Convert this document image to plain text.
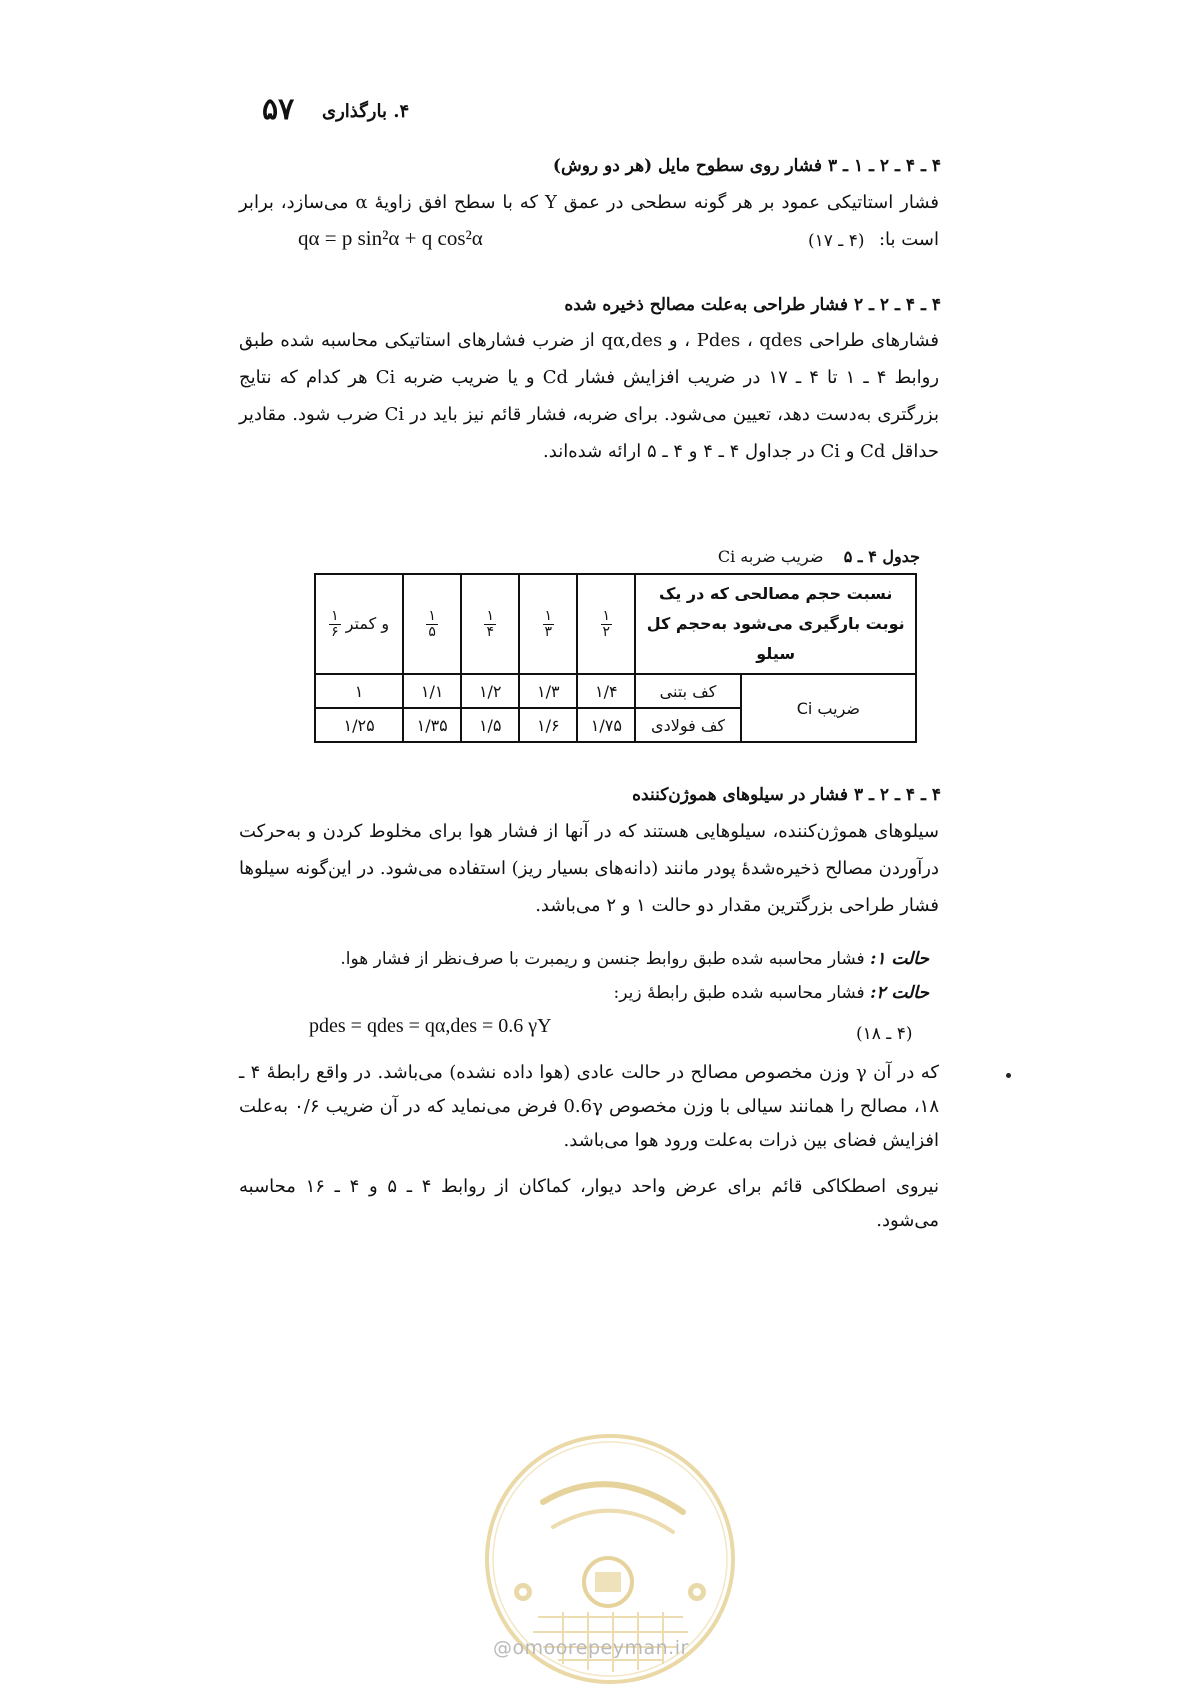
۵۷ ۴. بارگذاری
۴ ـ ۴ ـ ۲ ـ ۱ ـ ۳ فشار روی سطوح مایل (هر دو روش)
فشار استاتیکی عمود بر هر گونه سطحی در عمق Y که با سطح افق زاویهٔ α می‌سازد، برابر است با:
qα = p sin²α + q cos²α	(۴ ـ ۱۷)
۴ ـ ۴ ـ ۲ ـ ۲ فشار طراحی به‌علت مصالح ذخیره شده
فشارهای طراحی Pdes ، qdes ، و qα,des از ضرب فشارهای استاتیکی محاسبه شده طبق روابط ۴ ـ ۱ تا ۴ ـ ۱۷ در ضریب افزایش فشار Cd و یا ضریب ضربه Ci هر کدام که نتایج بزرگتری به‌دست دهد، تعیین می‌شود. برای ضربه، فشار قائم نیز باید در Ci ضرب شود. مقادیر حداقل Cd و Ci در جداول ۴ ـ ۴ و ۴ ـ ۵ ارائه شده‌اند.
جدول ۴ ـ ۵    ضریب ضربه Ci
$\frac{۱}{۶}$ و کمتر	$\frac{۱}{۵}$	$\frac{۱}{۴}$	$\frac{۱}{۳}$	$\frac{۱}{۲}$	نسبت حجم مصالحی که در یک نوبت بارگیری می‌شود به‌حجم کل سیلو	
۱	۱/۱	۱/۲	۱/۳	۱/۴	کف بتنی	ضریب Ci
۱/۲۵	۱/۳۵	۱/۵	۱/۶	۱/۷۵	کف فولادی	
۴ ـ ۴ ـ ۲ ـ ۳ فشار در سیلوهای هموژن‌کننده
سیلوهای هموژن‌کننده، سیلوهایی هستند که در آنها از فشار هوا برای مخلوط کردن و به‌حرکت درآوردن مصالح ذخیره‌شدهٔ پودر مانند (دانه‌های بسیار ریز) استفاده می‌شود. در این‌گونه سیلوها فشار طراحی بزرگترین مقدار دو حالت ۱ و ۲ می‌باشد.
حالت ۱: فشار محاسبه شده طبق روابط جنسن و ریمبرت با صرف‌نظر از فشار هوا.
حالت ۲: فشار محاسبه شده طبق رابطهٔ زیر:
pdes = qdes = qα,des = 0.6 γY	(۴ ـ ۱۸)
که در آن γ وزن مخصوص مصالح در حالت عادی (هوا داده نشده) می‌باشد. در واقع رابطهٔ ۴ ـ ۱۸، مصالح را همانند سیالی با وزن مخصوص 0.6γ فرض می‌نماید که در آن ضریب ۰/۶ به‌علت افزایش فضای بین ذرات به‌علت ورود هوا می‌باشد.
نیروی اصطکاکی قائم برای عرض واحد دیوار، کماکان از روابط ۴ ـ ۵ و ۴ ـ ۱۶ محاسبه می‌شود.
@omoorepeyman.ir
